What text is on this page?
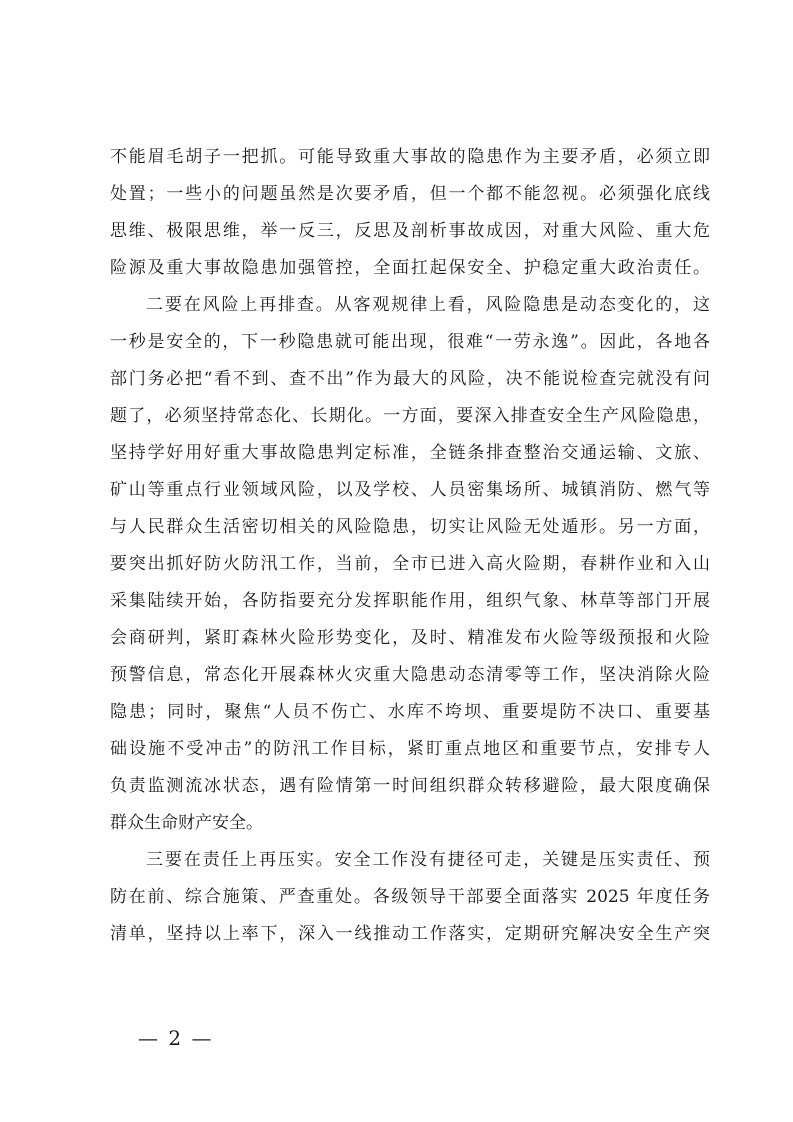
不能眉毛胡子一把抓。可能导致重大事故的隐患作为主要矛盾，必须立即
处置；一些小的问题虽然是次要矛盾，但一个都不能忽视。必须强化底线
思维、极限思维，举一反三，反思及剖析事故成因，对重大风险、重大危
险源及重大事故隐患加强管控，全面扛起保安全、护稳定重大政治责任。
二要在风险上再排查。从客观规律上看，风险隐患是动态变化的，这
一秒是安全的，下一秒隐患就可能出现，很难“一劳永逸”。因此，各地各
部门务必把“看不到、查不出”作为最大的风险，决不能说检查完就没有问
题了，必须坚持常态化、长期化。一方面，要深入排查安全生产风险隐患，
坚持学好用好重大事故隐患判定标准，全链条排查整治交通运输、文旅、
矿山等重点行业领域风险，以及学校、人员密集场所、城镇消防、燃气等
与人民群众生活密切相关的风险隐患，切实让风险无处遁形。另一方面，
要突出抓好防火防汛工作，当前，全市已进入高火险期，春耕作业和入山
采集陆续开始，各防指要充分发挥职能作用，组织气象、林草等部门开展
会商研判，紧盯森林火险形势变化，及时、精准发布火险等级预报和火险
预警信息，常态化开展森林火灾重大隐患动态清零等工作，坚决消除火险
隐患；同时，聚焦“人员不伤亡、水库不垮坝、重要堤防不决口、重要基
础设施不受冲击”的防汛工作目标，紧盯重点地区和重要节点，安排专人
负责监测流冰状态，遇有险情第一时间组织群众转移避险，最大限度确保
群众生命财产安全。
三要在责任上再压实。安全工作没有捷径可走，关键是压实责任、预
防在前、综合施策、严查重处。各级领导干部要全面落实 2025 年度任务
清单，坚持以上率下，深入一线推动工作落实，定期研究解决安全生产突
— 2 —
